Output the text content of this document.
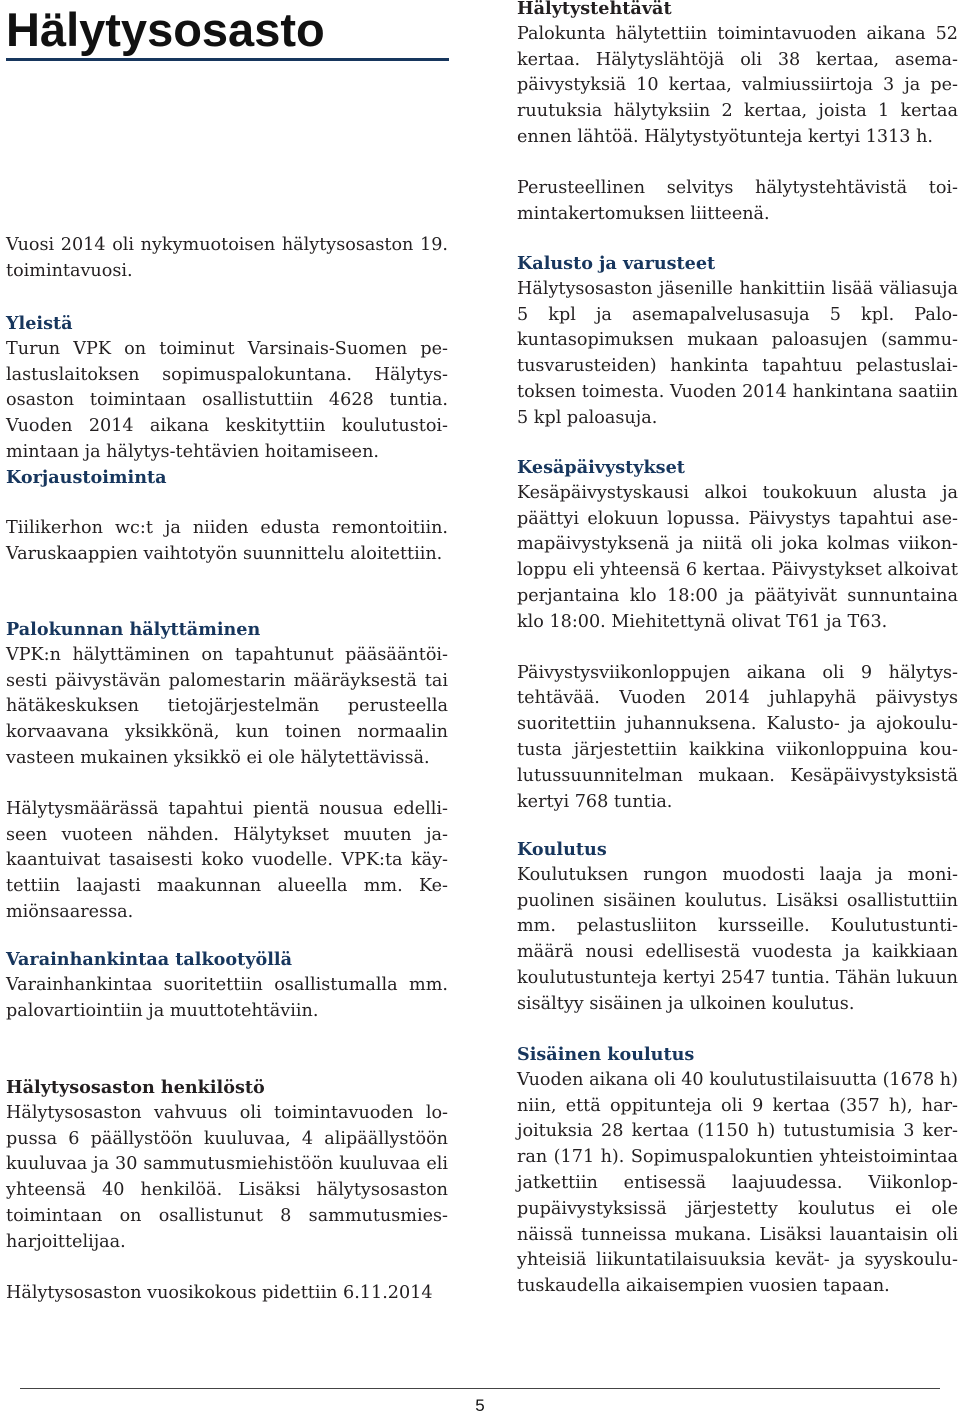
Hälytysosasto

Vuosi 2014 oli nykymuotoisen hälytysosaston 19. toimintavuosi.

Yleistä

Turun VPK on toiminut Varsinais-Suomen pelastuslaitoksen sopimuspalokuntana. Hälytysosaston toimintaan osallistuttiin 4628 tuntia. Vuoden 2014 aikana keskityttiin koulutustoimintaan ja hälytys-tehtävien hoitamiseen.

Korjaustoiminta

Tiilikerhon wc:t ja niiden edusta remontoitiin. Varuskaappien vaihtotyön suunnittelu aloitettiin.

Palokunnan hälyttäminen

VPK:n hälyttäminen on tapahtunut pääsääntöisesti päivystävän palomestarin määräyksestä tai hätäkeskuksen tietojärjestelmän perusteella korvaavana yksikkönä, kun toinen normaalin vasteen mukainen yksikkö ei ole hälytettävissä.

Hälytysmäärässä tapahtui pientä nousua edelliseen vuoteen nähden. Hälytykset muuten jakaantuivat tasaisesti koko vuodelle. VPK:ta käytettiin laajasti maakunnan alueella mm. Kemiönsaaressa.

Varainhankintaa talkootyöllä

Varainhankintaa suoritettiin osallistumalla mm. palovartiointiin ja muuttotehtäviin.

Hälytysosaston henkilöstö

Hälytysosaston vahvuus oli toimintavuoden lopussa 6 päällystöön kuuluvaa, 4 alipäällystöön kuuluvaa ja 30 sammutusmiehistöön kuuluvaa eli yhteensä 40 henkilöä. Lisäksi hälytysosaston toimintaan on osallistunut 8 sammutusmiesharjoittelijaa.

Hälytysosaston vuosikokous pidettiin 6.11.2014

Hälytystehtävät

Palokunta hälytettiin toimintavuoden aikana 52 kertaa. Hälytyslähtöjä oli 38 kertaa, asemapäivystyksiä 10 kertaa, valmiussiirtoja 3 ja peruutuksia hälytyksiin 2 kertaa, joista 1 kertaa ennen lähtöä. Hälytystyötunteja kertyi 1313 h.

Perusteellinen selvitys hälytystehtävistä toimintakertomuksen liitteenä.

Kalusto ja varusteet

Hälytysosaston jäsenille hankittiin lisää väliasuja 5 kpl ja asemapalvelusasuja 5 kpl. Palokuntasopimuksen mukaan paloasujen (sammutusvarusteiden) hankinta tapahtuu pelastuslaitoksen toimesta. Vuoden 2014 hankintana saatiin 5 kpl paloasuja.

Kesäpäivystykset

Kesäpäivystyskausi alkoi toukokuun alusta ja päättyi elokuun lopussa. Päivystys tapahtui asemapäivystyksenä ja niitä oli joka kolmas viikonloppu eli yhteensä 6 kertaa. Päivystykset alkoivat perjantaina klo 18:00 ja päätyivät sunnuntaina klo 18:00. Miehitettynä olivat T61 ja T63.

Päivystysviikonloppujen aikana oli 9 hälytystehtävää. Vuoden 2014 juhlapyhä päivystys suoritettiin juhannuksena. Kalusto- ja ajokoulutusta järjestettiin kaikkina viikonloppuina koulutussuunnitelman mukaan. Kesäpäivystyksistä kertyi 768 tuntia.

Koulutus

Koulutuksen rungon muodosti laaja ja monipuolinen sisäinen koulutus. Lisäksi osallistuttiin mm. pelastusliiton kursseille. Koulutustuntimäärä nousi edellisestä vuodesta ja kaikkiaan koulutustunteja kertyi 2547 tuntia. Tähän lukuun sisältyy sisäinen ja ulkoinen koulutus.

Sisäinen koulutus

Vuoden aikana oli 40 koulutustilaisuutta (1678 h) niin, että oppitunteja oli 9 kertaa (357 h), harjoituksia 28 kertaa (1150 h) tutustumisia 3 kerran (171 h). Sopimuspalokuntien yhteistoimintaa jatkettiin entisessä laajuudessa. Viikonloppupäivystyksissä järjestetty koulutus ei ole näissä tunneissa mukana. Lisäksi lauantaisin oli yhteisiä liikuntatilaisuuksia kevät- ja syyskoulutuskaudella aikaisempien vuosien tapaan.

5
